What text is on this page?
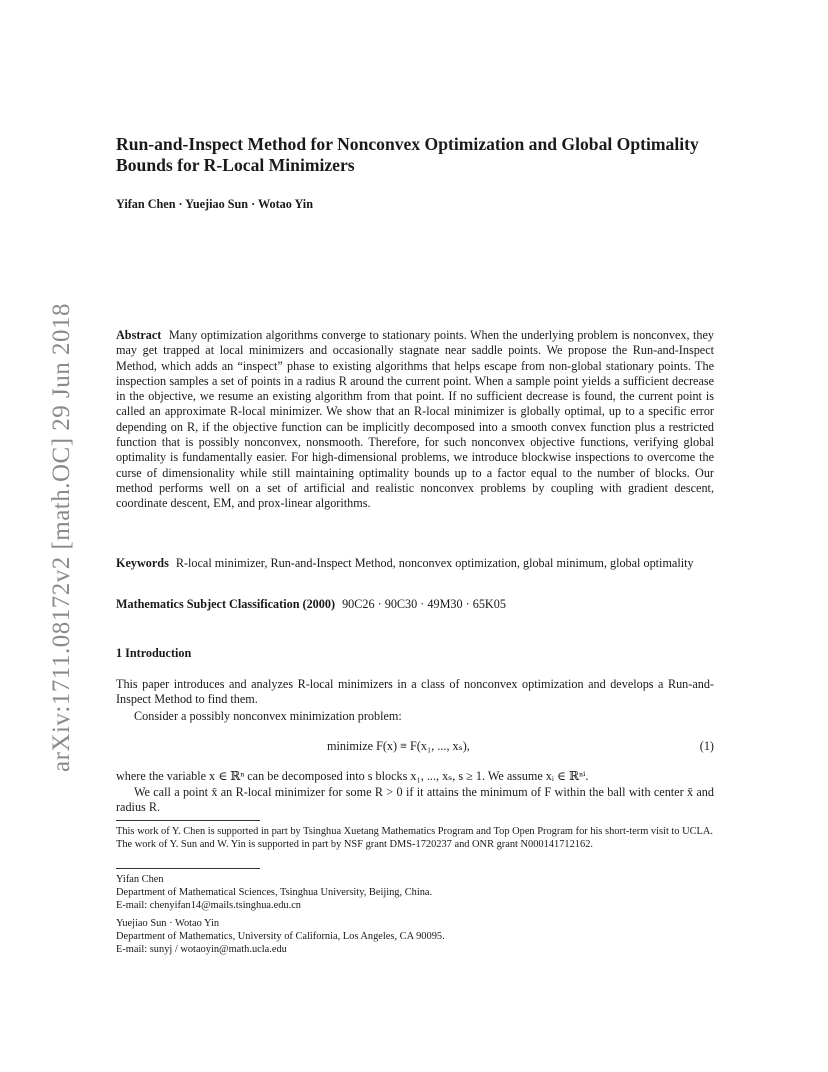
arXiv:1711.08172v2 [math.OC] 29 Jun 2018
Run-and-Inspect Method for Nonconvex Optimization and Global Optimality Bounds for R-Local Minimizers

Yifan Chen · Yuejiao Sun · Wotao Yin

Abstract Many optimization algorithms converge to stationary points. When the underlying problem is nonconvex, they may get trapped at local minimizers and occasionally stagnate near saddle points. We propose the Run-and-Inspect Method, which adds an “inspect” phase to existing algorithms that helps escape from non-global stationary points. The inspection samples a set of points in a radius R around the current point. When a sample point yields a sufficient decrease in the objective, we resume an existing algorithm from that point. If no sufficient decrease is found, the current point is called an approximate R-local minimizer. We show that an R-local minimizer is globally optimal, up to a specific error depending on R, if the objective function can be implicitly decomposed into a smooth convex function plus a restricted function that is possibly nonconvex, nonsmooth. Therefore, for such nonconvex objective functions, verifying global optimality is fundamentally easier. For high-dimensional problems, we introduce blockwise inspections to overcome the curse of dimensionality while still maintaining optimality bounds up to a factor equal to the number of blocks. Our method performs well on a set of artificial and realistic nonconvex problems by coupling with gradient descent, coordinate descent, EM, and prox-linear algorithms.

Keywords R-local minimizer, Run-and-Inspect Method, nonconvex optimization, global minimum, global optimality

Mathematics Subject Classification (2000) 90C26 · 90C30 · 49M30 · 65K05

1 Introduction

This paper introduces and analyzes R-local minimizers in a class of nonconvex optimization and develops a Run-and-Inspect Method to find them.

Consider a possibly nonconvex minimization problem:

minimize F(x) ≡ F(x₁, ..., xₛ),	(1)

where the variable x ∈ ℝⁿ can be decomposed into s blocks x₁, ..., xₛ, s ≥ 1. We assume xᵢ ∈ ℝⁿⁱ.

We call a point x̄ an R-local minimizer for some R > 0 if it attains the minimum of F within the ball with center x̄ and radius R.

This work of Y. Chen is supported in part by Tsinghua Xuetang Mathematics Program and Top Open Program for his short-term visit to UCLA. The work of Y. Sun and W. Yin is supported in part by NSF grant DMS-1720237 and ONR grant N000141712162.

Yifan Chen
Department of Mathematical Sciences, Tsinghua University, Beijing, China.
E-mail: chenyifan14@mails.tsinghua.edu.cn
Yuejiao Sun · Wotao Yin
Department of Mathematics, University of California, Los Angeles, CA 90095.
E-mail: sunyj / wotaoyin@math.ucla.edu
